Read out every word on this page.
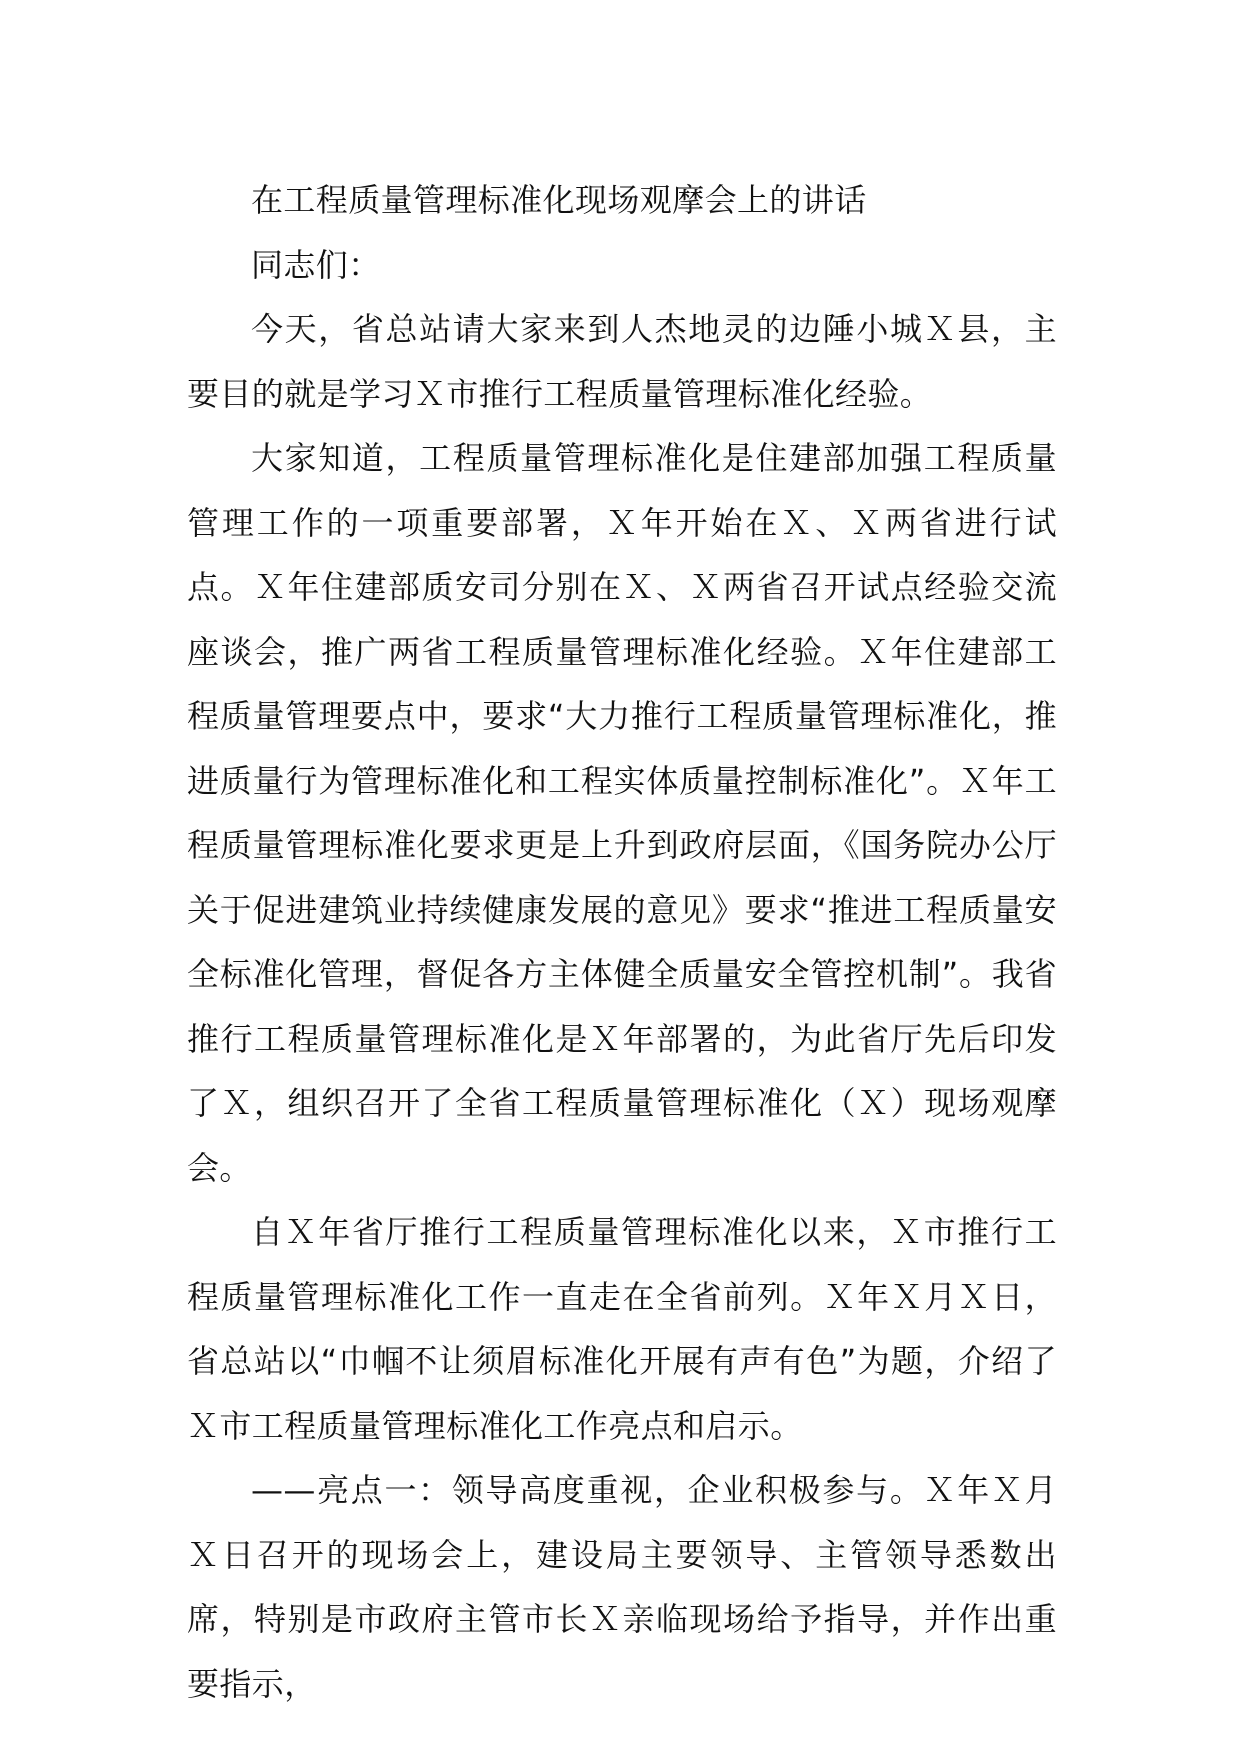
在工程质量管理标准化现场观摩会上的讲话

同志们：

今天，省总站请大家来到人杰地灵的边陲小城Ｘ县，主要目的就是学习Ｘ市推行工程质量管理标准化经验。

大家知道，工程质量管理标准化是住建部加强工程质量管理工作的一项重要部署，Ｘ年开始在Ｘ、Ｘ两省进行试点。Ｘ年住建部质安司分别在Ｘ、Ｘ两省召开试点经验交流座谈会，推广两省工程质量管理标准化经验。Ｘ年住建部工程质量管理要点中，要求“大力推行工程质量管理标准化，推进质量行为管理标准化和工程实体质量控制标准化”。Ｘ年工程质量管理标准化要求更是上升到政府层面，《国务院办公厅关于促进建筑业持续健康发展的意见》要求“推进工程质量安全标准化管理，督促各方主体健全质量安全管控机制”。我省推行工程质量管理标准化是Ｘ年部署的，为此省厅先后印发了Ｘ，组织召开了全省工程质量管理标准化（Ｘ）现场观摩会。

自Ｘ年省厅推行工程质量管理标准化以来，Ｘ市推行工程质量管理标准化工作一直走在全省前列。Ｘ年Ｘ月Ｘ日，省总站以“巾帼不让须眉标准化开展有声有色”为题，介绍了Ｘ市工程质量管理标准化工作亮点和启示。

——亮点一：领导高度重视，企业积极参与。Ｘ年Ｘ月Ｘ日召开的现场会上，建设局主要领导、主管领导悉数出席，特别是市政府主管市长Ｘ亲临现场给予指导，并作出重要指示，
